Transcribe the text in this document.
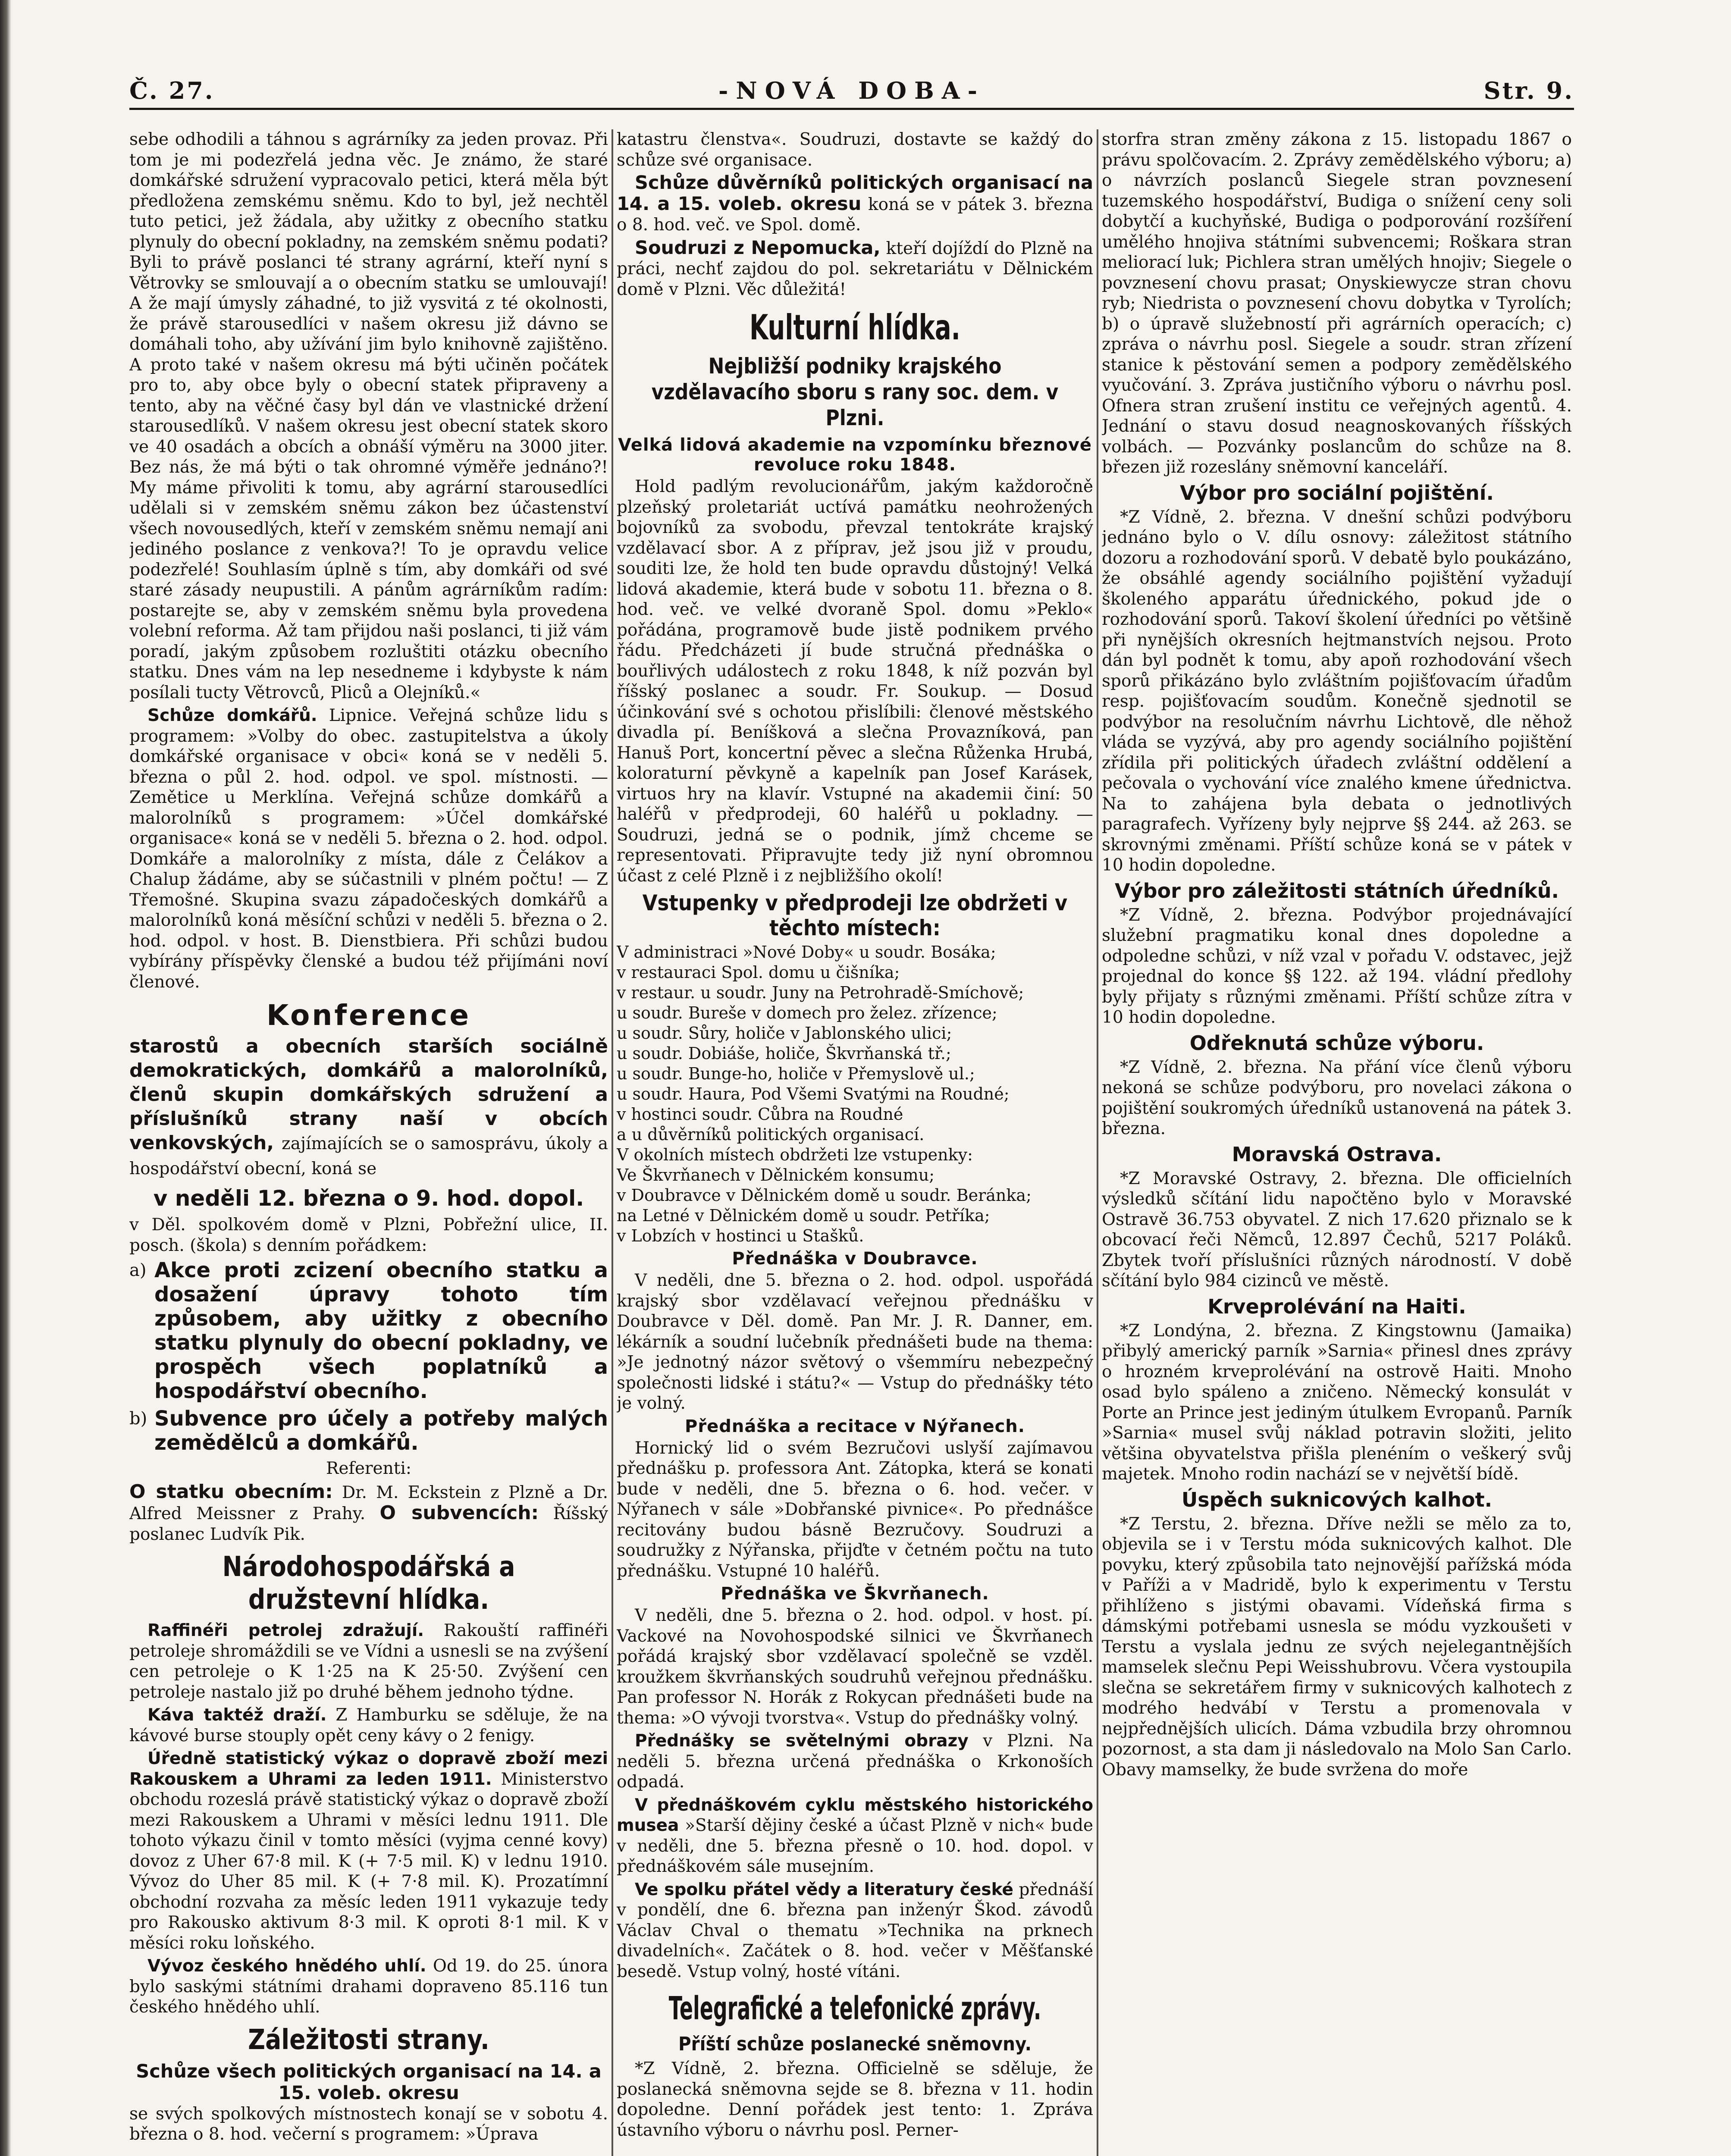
Č. 27.	-NOVÁ DOBA-	Str. 9.

sebe odhodili a táhnou s agrárníky za jeden provaz. Při tom je mi podezřelá jedna věc. Je známo, že staré domkářské sdružení vypracovalo petici, která měla být předložena zemskému sněmu. Kdo to byl, jež nechtěl tuto petici, jež žádala, aby užitky z obecního statku plynuly do obecní pokladny, na zemském sněmu podati? Byli to právě poslanci té strany agrární, kteří nyní s Větrovky se smlouvají a o obecním statku se umlouvají! A že mají úmysly záhadné, to již vysvitá z té okolnosti, že právě starousedlíci v našem okresu již dávno se domáhali toho, aby užívání jim bylo knihovně zajištěno. A proto také v našem okresu má býti učiněn počátek pro to, aby obce byly o obecní statek připraveny a tento, aby na věčné časy byl dán ve vlastnické držení starousedlíků. V našem okresu jest obecní statek skoro ve 40 osadách a obcích a obnáší výměru na 3000 jiter. Bez nás, že má býti o tak ohromné výměře jednáno?! My máme přivoliti k tomu, aby agrární starousedlíci udělali si v zemském sněmu zákon bez účastenství všech novousedlých, kteří v zemském sněmu nemají ani jediného poslance z venkova?! To je opravdu velice podezřelé! Souhlasím úplně s tím, aby domkáři od své staré zásady neupustili. A pánům agrárníkům radím: postarejte se, aby v zemském sněmu byla provedena volební reforma. Až tam přijdou naši poslanci, ti již vám poradí, jakým způsobem rozluštiti otázku obecního statku. Dnes vám na lep nesedneme i kdybyste k nám posílali tucty Větrovců, Pliců a Olejníků.«

Schůze domkářů. Lipnice. Veřejná schůze lidu s programem: »Volby do obec. zastupitelstva a úkoly domkářské organisace v obci« koná se v neděli 5. března o půl 2. hod. odpol. ve spol. místnosti. — Zemětice u Merklína. Veřejná schůze domkářů a malorolníků s programem: »Účel domkářské organisace« koná se v neděli 5. března o 2. hod. odpol. Domkáře a malorolníky z místa, dále z Čelákov a Chalup žádáme, aby se súčastnili v plném počtu! — Z Třemošné. Skupina svazu západočeských domkářů a malorolníků koná měsíční schůzi v neděli 5. března o 2. hod. odpol. v host. B. Dienstbiera. Při schůzi budou vybírány příspěvky členské a budou též přijímáni noví členové.

Konference

starostů a obecních starších sociálně demokratických, domkářů a malorolníků, členů skupin domkářských sdružení a příslušníků strany naší v obcích venkovských, zajímajících se o samosprávu, úkoly a hospodářství obecní, koná se

v neděli 12. března o 9. hod. dopol.

v Děl. spolkovém domě v Plzni, Pobřežní ulice, II. posch. (škola) s denním pořádkem:

a) Akce proti zcizení obecního statku a dosažení úpravy tohoto tím způsobem, aby užitky z obecního statku plynuly do obecní pokladny, ve prospěch všech poplatníků a hospodářství obecního.
b) Subvence pro účely a potřeby malých zemědělců a domkářů.

Referenti:

O statku obecním: Dr. M. Eckstein z Plzně a Dr. Alfred Meissner z Prahy. O subvencích: Říšský poslanec Ludvík Pik.

Národohospodářská a družstevní hlídka.

Raffinéři petrolej zdražují. Rakouští raffinéři petroleje shromáždili se ve Vídni a usnesli se na zvýšení cen petroleje o K 1·25 na K 25·50. Zvýšení cen petroleje nastalo již po druhé během jednoho týdne.

Káva taktéž draží. Z Hamburku se sděluje, že na kávové burse stouply opět ceny kávy o 2 fenigy.

Úředně statistický výkaz o dopravě zboží mezi Rakouskem a Uhrami za leden 1911. Ministerstvo obchodu rozeslá právě statistický výkaz o dopravě zboží mezi Rakouskem a Uhrami v měsíci lednu 1911. Dle tohoto výkazu činil v tomto měsíci (vyjma cenné kovy) dovoz z Uher 67·8 mil. K (+ 7·5 mil. K) v lednu 1910. Vývoz do Uher 85 mil. K (+ 7·8 mil. K). Prozatímní obchodní rozvaha za měsíc leden 1911 vykazuje tedy pro Rakousko aktivum 8·3 mil. K oproti 8·1 mil. K v měsíci roku loňského.

Vývoz českého hnědého uhlí. Od 19. do 25. února bylo saskými státními drahami dopraveno 85.116 tun českého hnědého uhlí.

Záležitosti strany.

Schůze všech politických organisací na 14. a 15. voleb. okresu

se svých spolkových místnostech konají se v sobotu 4. března o 8. hod. večerní s programem: »Úprava

katastru členstva«. Soudruzi, dostavte se každý do schůze své organisace.

Schůze důvěrníků politických organisací na 14. a 15. voleb. okresu koná se v pátek 3. března o 8. hod. več. ve Spol. domě.

Soudruzi z Nepomucka, kteří dojíždí do Plzně na práci, nechť zajdou do pol. sekretariátu v Dělnickém domě v Plzni. Věc důležitá!

Kulturní hlídka.
Nejbližší podniky krajského vzdělavacího sboru s rany soc. dem. v Plzni.
Velká lidová akademie na vzpomínku březnové revoluce roku 1848.

Hold padlým revolucionářům, jakým každoročně plzeňský proletariát uctívá památku neohrožených bojovníků za svobodu, převzal tentokráte krajský vzdělavací sbor. A z příprav, jež jsou již v proudu, souditi lze, že hold ten bude opravdu důstojný! Velká lidová akademie, která bude v sobotu 11. března o 8. hod. več. ve velké dvoraně Spol. domu »Peklo« pořádána, programově bude jistě podnikem prvého řádu. Předcházeti jí bude stručná přednáška o bouřlivých událostech z roku 1848, k níž pozván byl říšský poslanec a soudr. Fr. Soukup. — Dosud účinkování své s ochotou přislíbili: členové městského divadla pí. Beníšková a slečna Provazníková, pan Hanuš Port, koncertní pěvec a slečna Růženka Hrubá, koloraturní pěvkyně a kapelník pan Josef Karásek, virtuos hry na klavír. Vstupné na akademii činí: 50 haléřů v předprodeji, 60 haléřů u pokladny. — Soudruzi, jedná se o podnik, jímž chceme se representovati. Připravujte tedy již nyní obromnou účast z celé Plzně i z nejbližšího okolí!

Vstupenky v předprodeji lze obdržeti v těchto místech:

V administraci »Nové Doby« u soudr. Bosáka;

v restauraci Spol. domu u čišníka;

v restaur. u soudr. Juny na Petrohradě-Smíchově;

u soudr. Bureše v domech pro želez. zřízence;

u soudr. Sůry, holiče v Jablonského ulici;

u soudr. Dobiáše, holiče, Škvrňanská tř.;

u soudr. Bunge-ho, holiče v Přemyslově ul.;

u soudr. Haura, Pod Všemi Svatými na Roudné;

v hostinci soudr. Cůbra na Roudné

a u důvěrníků politických organisací.

V okolních místech obdržeti lze vstupenky:

Ve Škvrňanech v Dělnickém konsumu;

v Doubravce v Dělnickém domě u soudr. Beránka;

na Letné v Dělnickém domě u soudr. Petříka;

v Lobzích v hostinci u Stašků.

Přednáška v Doubravce.

V neděli, dne 5. března o 2. hod. odpol. uspořádá krajský sbor vzdělavací veřejnou přednášku v Doubravce v Děl. domě. Pan Mr. J. R. Danner, em. lékárník a soudní lučebník přednášeti bude na thema: »Je jednotný názor světový o všemmíru nebezpečný společnosti lidské i státu?« — Vstup do přednášky této je volný.

Přednáška a recitace v Nýřanech.

Hornický lid o svém Bezručovi uslyší zajímavou přednášku p. professora Ant. Zátopka, která se konati bude v neděli, dne 5. března o 6. hod. večer. v Nýřanech v sále »Dobřanské pivnice«. Po přednášce recitovány budou básně Bezručovy. Soudruzi a soudružky z Nýřanska, přijďte v četném počtu na tuto přednášku. Vstupné 10 haléřů.

Přednáška ve Škvrňanech.

V neděli, dne 5. března o 2. hod. odpol. v host. pí. Vackové na Novohospodské silnici ve Škvrňanech pořádá krajský sbor vzdělavací společně se vzděl. kroužkem škvrňanských soudruhů veřejnou přednášku. Pan professor N. Horák z Rokycan přednášeti bude na thema: »O vývoji tvorstva«. Vstup do přednášky volný.

Přednášky se světelnými obrazy v Plzni. Na neděli 5. března určená přednáška o Krkonoších odpadá.

V přednáškovém cyklu městského historického musea »Starší dějiny české a účast Plzně v nich« bude v neděli, dne 5. března přesně o 10. hod. dopol. v přednáškovém sále musejním.

Ve spolku přátel vědy a literatury české přednáší v pondělí, dne 6. března pan inženýr Škod. závodů Václav Chval o thematu »Technika na prknech divadelních«. Začátek o 8. hod. večer v Měšťanské besedě. Vstup volný, hosté vítáni.

Telegrafické a telefonické zprávy.
Příští schůze poslanecké sněmovny.

*Z Vídně, 2. března. Officielně se sděluje, že poslanecká sněmovna sejde se 8. března v 11. hodin dopoledne. Denní pořádek jest tento: 1. Zpráva ústavního výboru o návrhu posl. Perner-

storfra stran změny zákona z 15. listopadu 1867 o právu spolčovacím. 2. Zprávy zemědělského výboru; a) o návrzích poslanců Siegele stran povznesení tuzemského hospodářství, Budiga o snížení ceny soli dobytčí a kuchyňské, Budiga o podporování rozšíření umělého hnojiva státními subvencemi; Roškara stran meliorací luk; Pichlera stran umělých hnojiv; Siegele o povznesení chovu prasat; Onyskiewycze stran chovu ryb; Niedrista o povznesení chovu dobytka v Tyrolích; b) o úpravě služebností při agrárních operacích; c) zpráva o návrhu posl. Siegele a soudr. stran zřízení stanice k pěstování semen a podpory zemědělského vyučování. 3. Zpráva justičního výboru o návrhu posl. Ofnera stran zrušení institu ce veřejných agentů. 4. Jednání o stavu dosud neagnoskovaných říšských volbách. — Pozvánky poslancům do schůze na 8. březen již rozeslány sněmovní kanceláří.

Výbor pro sociální pojištění.

*Z Vídně, 2. března. V dnešní schůzi podvýboru jednáno bylo o V. dílu osnovy: záležitost státního dozoru a rozhodování sporů. V debatě bylo poukázáno, že obsáhlé agendy sociálního pojištění vyžadují školeného apparátu úřednického, pokud jde o rozhodování sporů. Takoví školení úředníci po většině při nynějších okresních hejtmanstvích nejsou. Proto dán byl podnět k tomu, aby apoň rozhodování všech sporů přikázáno bylo zvláštním pojišťovacím úřadům resp. pojišťovacím soudům. Konečně sjednotil se podvýbor na resolučním návrhu Lichtově, dle něhož vláda se vyzývá, aby pro agendy sociálního pojištění zřídila při politických úřadech zvláštní oddělení a pečovala o vychování více znalého kmene úřednictva. Na to zahájena byla debata o jednotlivých paragrafech. Vyřízeny byly nejprve §§ 244. až 263. se skrovnými změnami. Příští schůze koná se v pátek v 10 hodin dopoledne.

Výbor pro záležitosti státních úředníků.

*Z Vídně, 2. března. Podvýbor projednávající služební pragmatiku konal dnes dopoledne a odpoledne schůzi, v níž vzal v pořadu V. odstavec, jejž projednal do konce §§ 122. až 194. vládní předlohy byly přijaty s různými změnami. Příští schůze zítra v 10 hodin dopoledne.

Odřeknutá schůze výboru.

*Z Vídně, 2. března. Na přání více členů výboru nekoná se schůze podvýboru, pro novelaci zákona o pojištění soukromých úředníků ustanovená na pátek 3. března.

Moravská Ostrava.

*Z Moravské Ostravy, 2. března. Dle officielních výsledků sčítání lidu napočtěno bylo v Moravské Ostravě 36.753 obyvatel. Z nich 17.620 přiznalo se k obcovací řeči Němců, 12.897 Čechů, 5217 Poláků. Zbytek tvoří příslušníci různých národností. V době sčítání bylo 984 cizinců ve městě.

Krveprolévání na Haiti.

*Z Londýna, 2. března. Z Kingstownu (Jamaika) přibylý americký parník »Sarnia« přinesl dnes zprávy o hrozném krveprolévání na ostrově Haiti. Mnoho osad bylo spáleno a zničeno. Německý konsulát v Porte an Prince jest jediným útulkem Evropanů. Parník »Sarnia« musel svůj náklad potravin složiti, jelito většina obyvatelstva přišla plenéním o veškerý svůj majetek. Mnoho rodin nachází se v největší bídě.

Úspěch suknicových kalhot.

*Z Terstu, 2. března. Dříve nežli se mělo za to, objevila se i v Terstu móda suknicových kalhot. Dle povyku, který způsobila tato nejnovější pařížská móda v Paříži a v Madridě, bylo k experimentu v Terstu přihlíženo s jistými obavami. Vídeňská firma s dámskými potřebami usnesla se módu vyzkoušeti v Terstu a vyslala jednu ze svých nejelegantnějších mamselek slečnu Pepi Weisshubrovu. Včera vystoupila slečna se sekretářem firmy v suknicových kalhotech z modrého hedvábí v Terstu a promenovala v nejpřednějších ulicích. Dáma vzbudila brzy ohromnou pozornost, a sta dam ji následovalo na Molo San Carlo. Obavy mamselky, že bude svržena do moře
